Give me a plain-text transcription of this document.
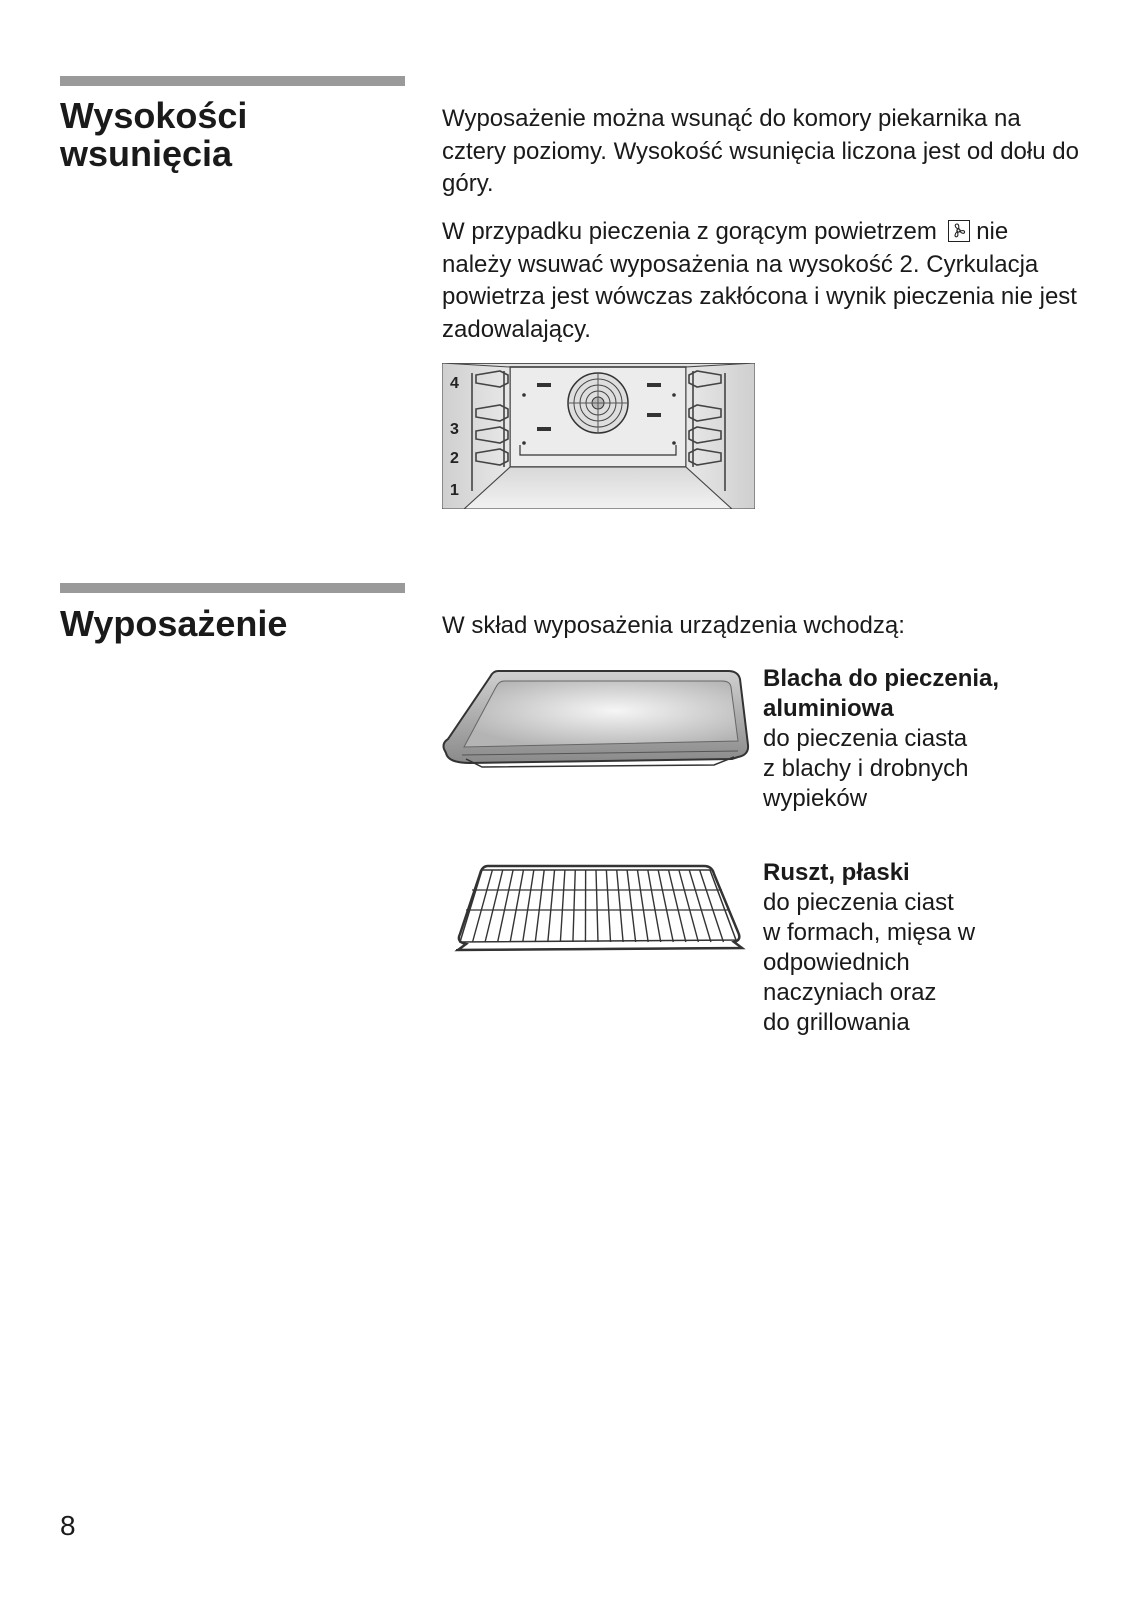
Wysokości
wsunięcia

Wyposażenie można wsunąć do komory piekarnika na cztery poziomy. Wysokość wsunięcia liczona jest od dołu do góry.

W przypadku pieczenia z gorącym powietrzem nie należy wsuwać wyposażenia na wysokość 2. Cyrkulacja powietrza jest wówczas zakłócona i wynik pieczenia nie jest zadowalający.

4
3
2
1
Wyposażenie	W skład wyposażenia urządzenia wchodzą:

Blacha do pieczenia,
aluminiowa
do pieczenia ciasta
z blachy i drobnych
wypieków
Ruszt, płaski
do pieczenia ciast
w formach, mięsa w
odpowiednich
naczyniach oraz
do grillowania
8
